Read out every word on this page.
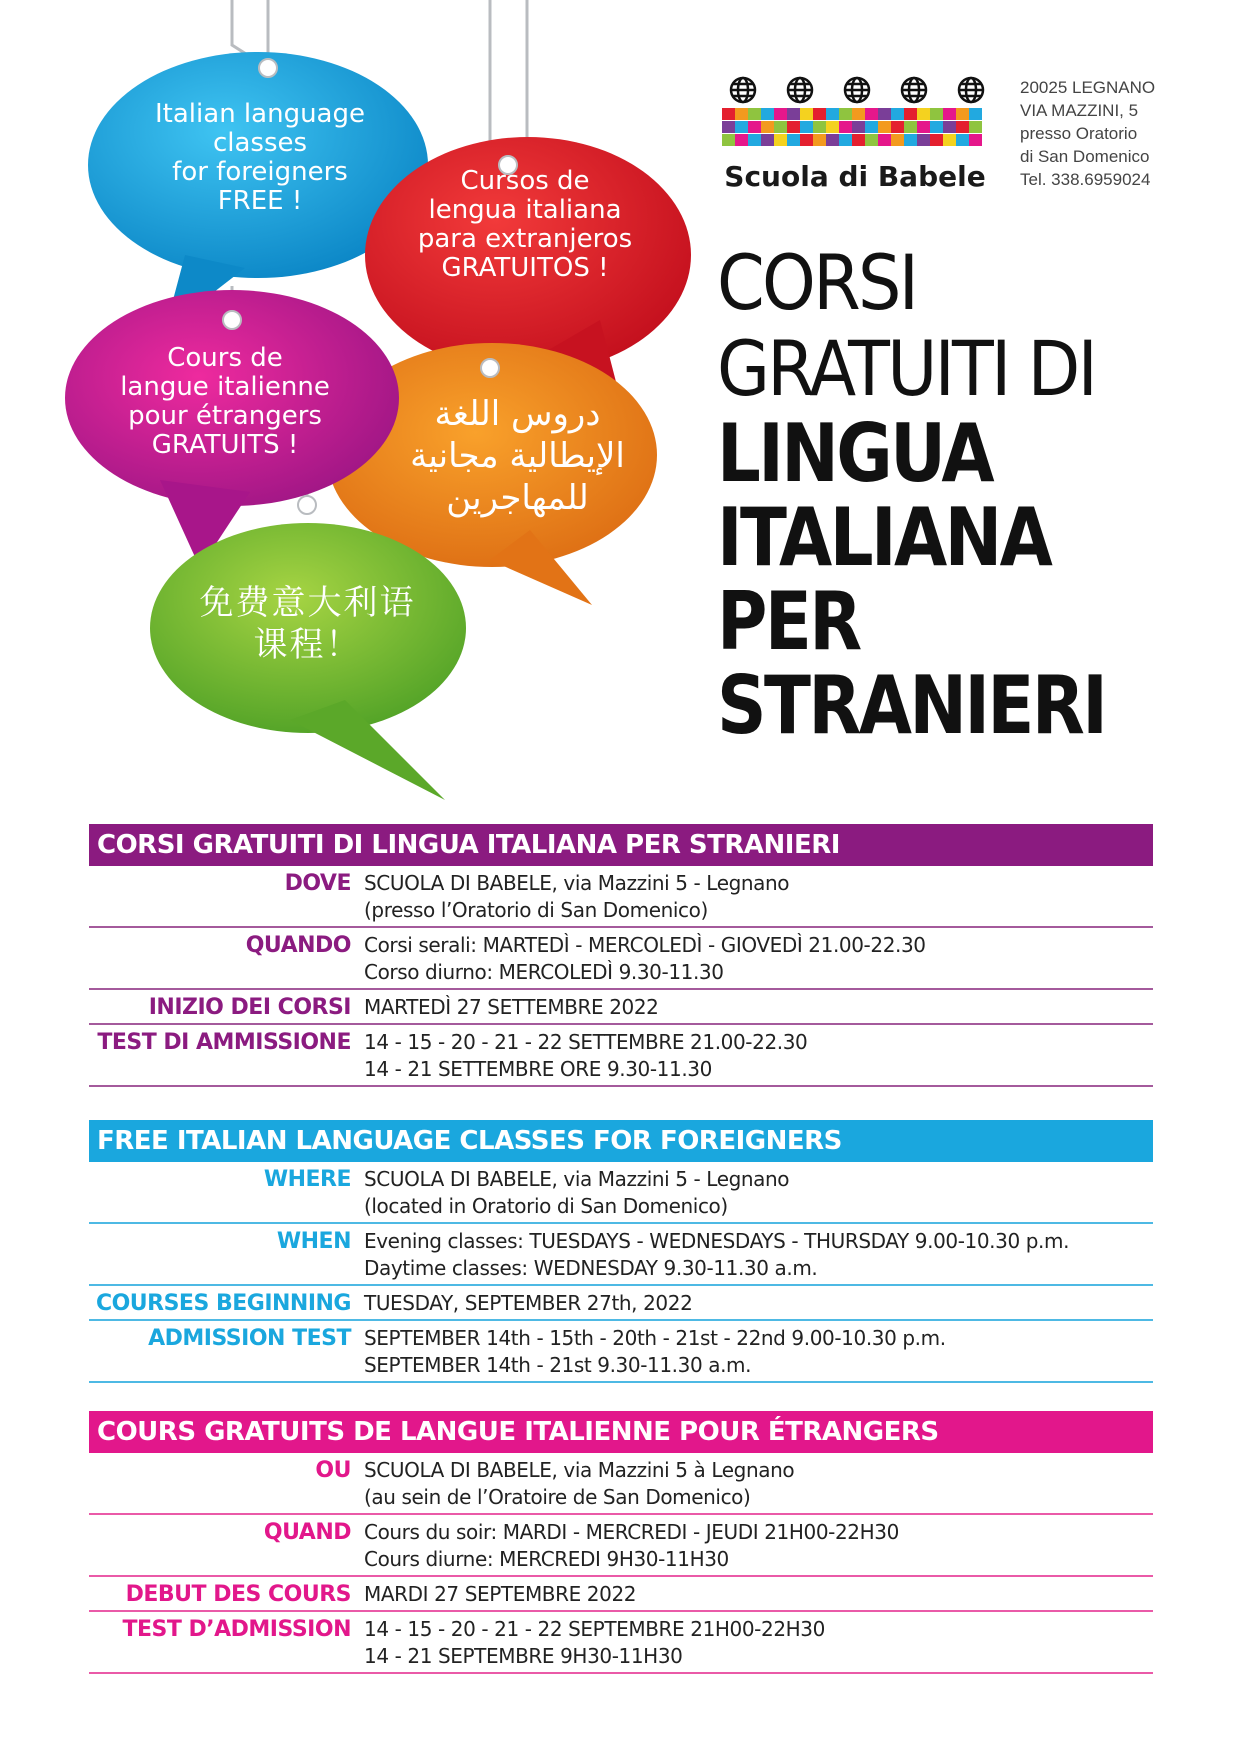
Italian language
classes
for foreigners
FREE !
Cursos de
lengua italiana
para extranjeros
GRATUITOS !
Cours de
langue italienne
pour étrangers
GRATUITS !
دروس اللغة
الإيطالية مجانية
للمهاجرين
免费意大利语
课程！
Scuola di Babele
20025 LEGNANO
VIA MAZZINI, 5
presso Oratorio
di San Domenico
Tel. 338.6959024
CORSI
GRATUITI DI
LINGUA
ITALIANA
PER
STRANIERI
CORSI GRATUITI DI LINGUA ITALIANA PER STRANIERI
DOVE SCUOLA DI BABELE, via Mazzini 5 - Legnano
(presso l’Oratorio di San Domenico)
QUANDO Corsi serali: MARTEDÌ - MERCOLEDÌ - GIOVEDÌ 21.00-22.30
Corso diurno: MERCOLEDÌ 9.30-11.30
INIZIO DEI CORSI MARTEDÌ 27 SETTEMBRE 2022
TEST DI AMMISSIONE 14 - 15 - 20 - 21 - 22 SETTEMBRE 21.00-22.30
14 - 21 SETTEMBRE ORE 9.30-11.30
FREE ITALIAN LANGUAGE CLASSES FOR FOREIGNERS
WHERE SCUOLA DI BABELE, via Mazzini 5 - Legnano
(located in Oratorio di San Domenico)
WHEN Evening classes: TUESDAYS - WEDNESDAYS - THURSDAY 9.00-10.30 p.m.
Daytime classes: WEDNESDAY 9.30-11.30 a.m.
COURSES BEGINNING TUESDAY, SEPTEMBER 27th, 2022
ADMISSION TEST SEPTEMBER 14th - 15th - 20th - 21st - 22nd 9.00-10.30 p.m.
SEPTEMBER 14th - 21st 9.30-11.30 a.m.
COURS GRATUITS DE LANGUE ITALIENNE POUR ÉTRANGERS
OU SCUOLA DI BABELE, via Mazzini 5 à Legnano
(au sein de l’Oratoire de San Domenico)
QUAND Cours du soir: MARDI - MERCREDI - JEUDI 21H00-22H30
Cours diurne: MERCREDI 9H30-11H30
DEBUT DES COURS MARDI 27 SEPTEMBRE 2022
TEST D’ADMISSION 14 - 15 - 20 - 21 - 22 SEPTEMBRE 21H00-22H30
14 - 21 SEPTEMBRE 9H30-11H30
